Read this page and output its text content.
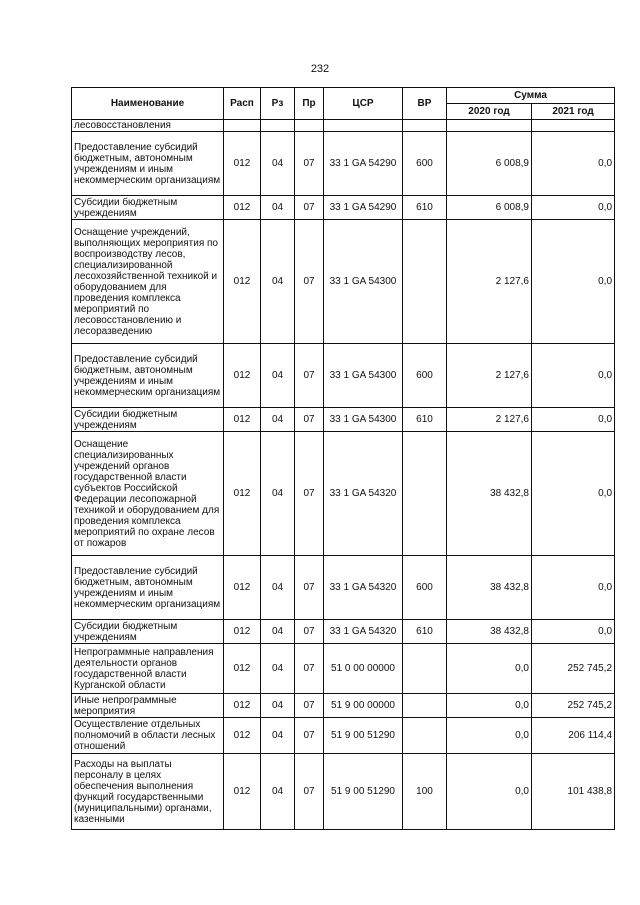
232
Наименование	Расп	Рз	Пр	ЦСР	ВР	Сумма	
						2020 год	2021 год
лесовосстановления							
Предоставление субсидий бюджетным, автономным учреждениям и иным некоммерческим организациям	012	04	07	33 1 GA 54290	600	6 008,9	0,0
Субсидии бюджетным учреждениям	012	04	07	33 1 GA 54290	610	6 008,9	0,0
Оснащение учреждений, выполняющих мероприятия по воспроизводству лесов, специализированной лесохозяйственной техникой и оборудованием для проведения комплекса мероприятий по лесовосстановлению и лесоразведению	012	04	07	33 1 GA 54300		2 127,6	0,0
Предоставление субсидий бюджетным, автономным учреждениям и иным некоммерческим организациям	012	04	07	33 1 GA 54300	600	2 127,6	0,0
Субсидии бюджетным учреждениям	012	04	07	33 1 GA 54300	610	2 127,6	0,0
Оснащение специализированных учреждений органов государственной власти субъектов Российской Федерации лесопожарной техникой и оборудованием для проведения комплекса мероприятий по охране лесов от пожаров	012	04	07	33 1 GA 54320		38 432,8	0,0
Предоставление субсидий бюджетным, автономным учреждениям и иным некоммерческим организациям	012	04	07	33 1 GA 54320	600	38 432,8	0,0
Субсидии бюджетным учреждениям	012	04	07	33 1 GA 54320	610	38 432,8	0,0
Непрограммные направления деятельности органов государственной власти Курганской области	012	04	07	51 0 00 00000		0,0	252 745,2
Иные непрограммные мероприятия	012	04	07	51 9 00 00000		0,0	252 745,2
Осуществление отдельных полномочий в области лесных отношений	012	04	07	51 9 00 51290		0,0	206 114,4
Расходы на выплаты персоналу в целях обеспечения выполнения функций государственными (муниципальными) органами, казенными	012	04	07	51 9 00 51290	100	0,0	101 438,8
